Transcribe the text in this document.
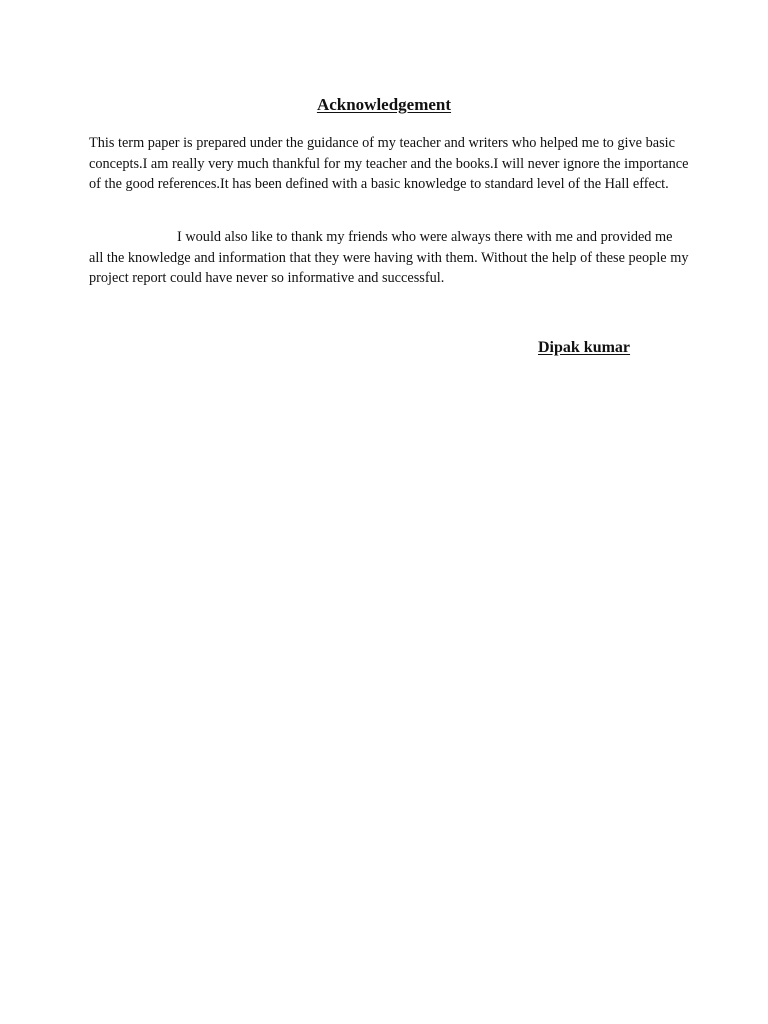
Acknowledgement

This term paper is prepared under the guidance of my teacher and writers who helped me to give basic concepts.I am really very much thankful for my teacher and the books.I will never ignore the importance of the good references.It has been defined with a basic knowledge to standard level of the Hall effect.

I would also like to thank my friends who were always there with me and provided me all the knowledge and information that they were having with them. Without the help of these people my project report could have never so informative and successful.

Dipak kumar
